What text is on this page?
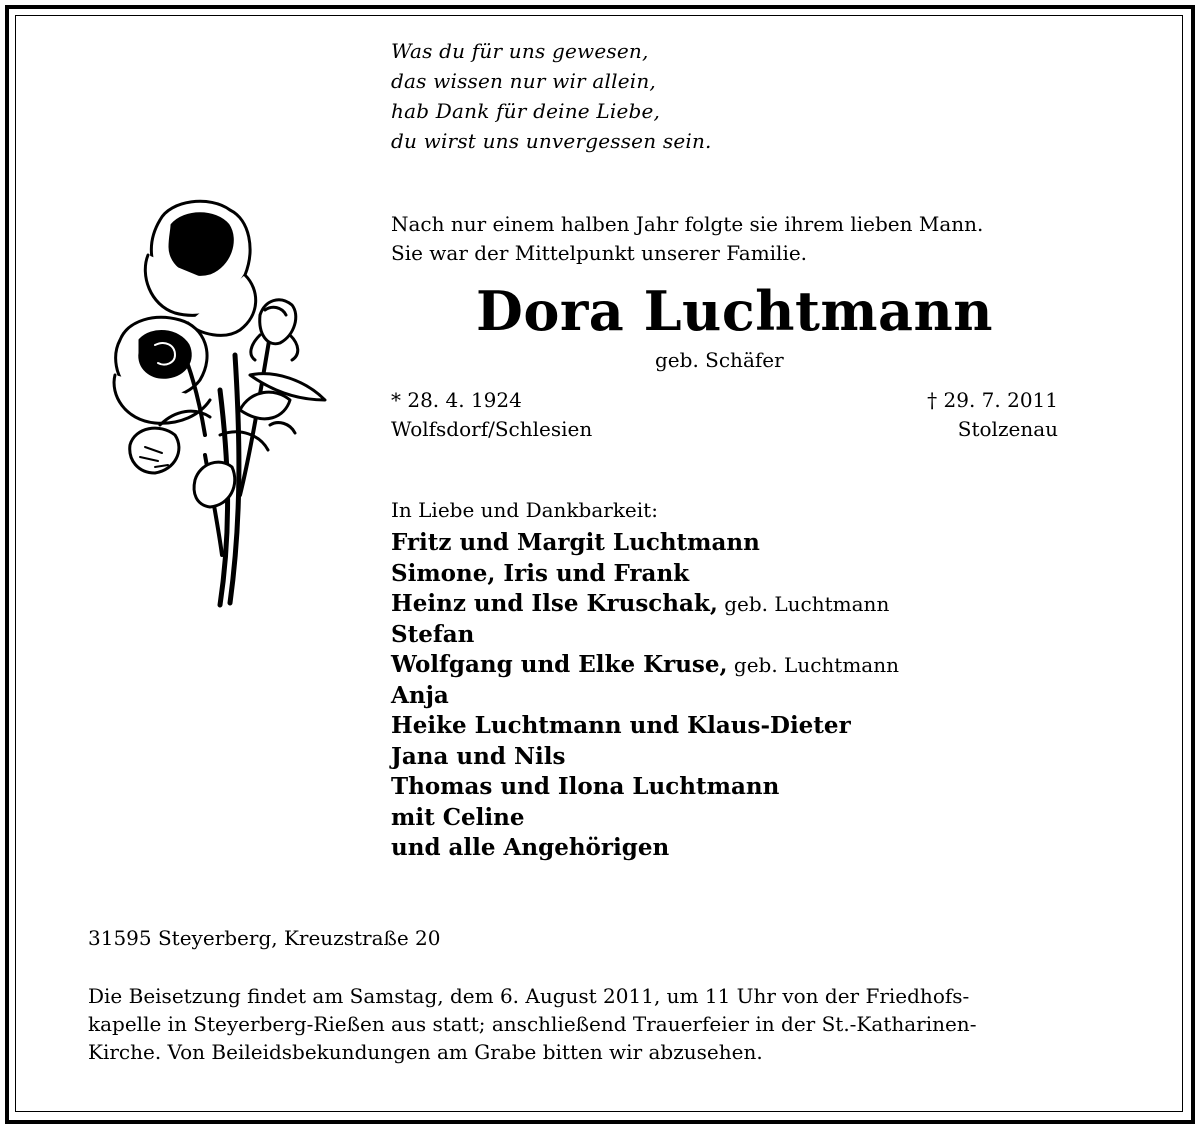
Was du für uns gewesen,
das wissen nur wir allein,
hab Dank für deine Liebe,
du wirst uns unvergessen sein.
Nach nur einem halben Jahr folgte sie ihrem lieben Mann.
Sie war der Mittelpunkt unserer Familie.
Dora Luchtmann
geb. Schäfer
* 28. 4. 1924
Wolfsdorf/Schlesien
† 29. 7. 2011
Stolzenau
In Liebe und Dankbarkeit:
Fritz und Margit Luchtmann
Simone, Iris und Frank
Heinz und Ilse Kruschak, geb. Luchtmann
Stefan
Wolfgang und Elke Kruse, geb. Luchtmann
Anja
Heike Luchtmann und Klaus-Dieter
Jana und Nils
Thomas und Ilona Luchtmann
mit Celine
und alle Angehörigen
31595 Steyerberg, Kreuzstraße 20
Die Beisetzung findet am Samstag, dem 6. August 2011, um 11 Uhr von der Friedhofs-
kapelle in Steyerberg-Rießen aus statt; anschließend Trauerfeier in der St.-Katharinen-
Kirche. Von Beileidsbekundungen am Grabe bitten wir abzusehen.
